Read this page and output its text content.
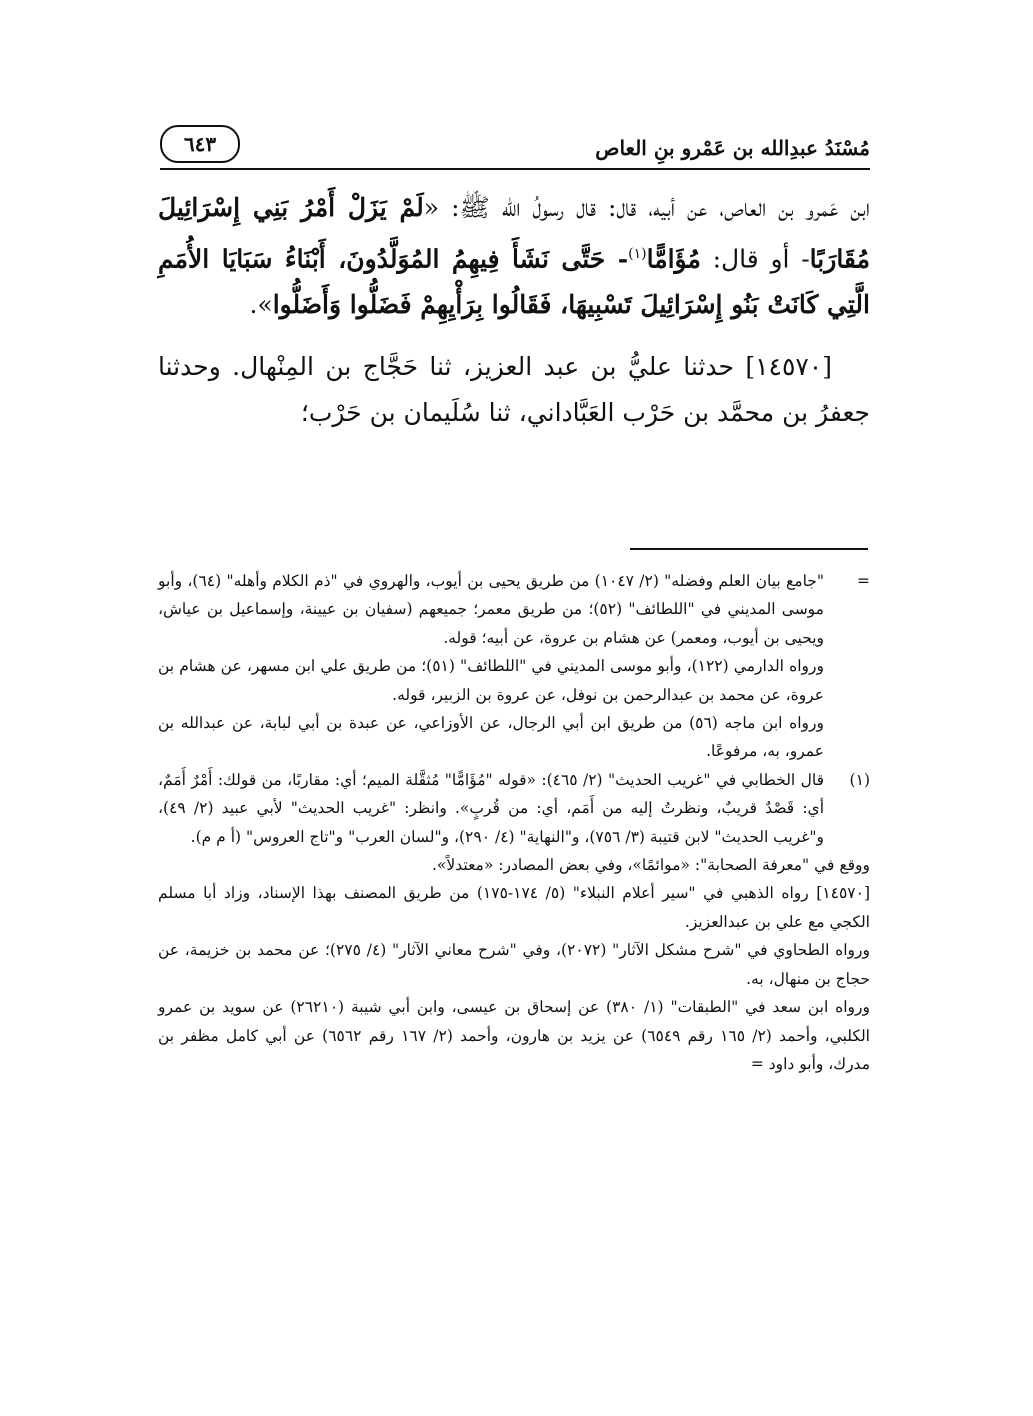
مُسْنَدُ عبدِالله بن عَمْرو بنِ العاص
٦٤٣

ابن عَمرو بن العاص، عن أبيه، قال: قال رسولُ الله ﷺ: «لَمْ يَزَلْ أَمْرُ بَنِي إِسْرَائِيلَ مُقَارَبًا- أو قال: مُؤَامًّا$^{(١)}$- حَتَّى نَشَأَ فِيهِمُ المُوَلَّدُونَ، أَبْنَاءُ سَبَايَا الأُمَمِ الَّتِي كَانَتْ بَنُو إِسْرَائِيلَ تَسْبِيهَا، فَقَالُوا بِرَأْيِهِمْ فَضَلُّوا وَأَضَلُّوا».

[١٤٥٧٠] حدثنا عليُّ بن عبد العزيز، ثنا حَجَّاج بن المِنْهال. وحدثنا جعفرُ بن محمَّد بن حَرْب العَبَّاداني، ثنا سُلَيمان بن حَرْب؛

=

"جامع بيان العلم وفضله" (٢/ ١٠٤٧) من طريق يحيى بن أيوب، والهروي في "ذم الكلام وأهله" (٦٤)، وأبو موسى المديني في "اللطائف" (٥٢)؛ من طريق معمر؛ جميعهم (سفيان بن عيينة، وإسماعيل بن عياش، ويحيى بن أيوب، ومعمر) عن هشام بن عروة، عن أبيه؛ قوله.

ورواه الدارمي (١٢٢)، وأبو موسى المديني في "اللطائف" (٥١)؛ من طريق علي ابن مسهر، عن هشام بن عروة، عن محمد بن عبدالرحمن بن نوفل، عن عروة بن الزبير، قوله.

ورواه ابن ماجه (٥٦) من طريق ابن أبي الرجال، عن الأوزاعي، عن عبدة بن أبي لبابة، عن عبدالله بن عمرو، به، مرفوعًا.

(١)

قال الخطابي في "غريب الحديث" (٢/ ٤٦٥): «قوله "مُؤَامًّا" مُثقَّلة الميم؛ أي: مقاربًا، من قولك: أَمْرٌ أَمَمٌ، أي: قَصْدٌ قريبٌ، ونظرتُ إليه من أَمَم، أي: من قُربٍ». وانظر: "غريب الحديث" لأبي عبيد (٢/ ٤٩)، و"غريب الحديث" لابن قتيبة (٣/ ٧٥٦)، و"النهاية" (٤/ ٢٩٠)، و"لسان العرب" و"تاج العروس" (أ م م).

ووقع في "معرفة الصحابة": «موائمًا»، وفي بعض المصادر: «معتدلاً».

[١٤٥٧٠] رواه الذهبي في "سير أعلام النبلاء" (٥/ ١٧٤-١٧٥) من طريق المصنف بهذا الإسناد، وزاد أبا مسلم الكجي مع علي بن عبدالعزيز.

ورواه الطحاوي في "شرح مشكل الآثار" (٢٠٧٢)، وفي "شرح معاني الآثار" (٤/ ٢٧٥)؛ عن محمد بن خزيمة، عن حجاج بن منهال، به.

ورواه ابن سعد في "الطبقات" (١/ ٣٨٠) عن إسحاق بن عيسى، وابن أبي شيبة (٢٦٢١٠) عن سويد بن عمرو الكلبي، وأحمد (٢/ ١٦٥ رقم ٦٥٤٩) عن يزيد بن هارون، وأحمد (٢/ ١٦٧ رقم ٦٥٦٢) عن أبي كامل مظفر بن مدرك، وأبو داود =
